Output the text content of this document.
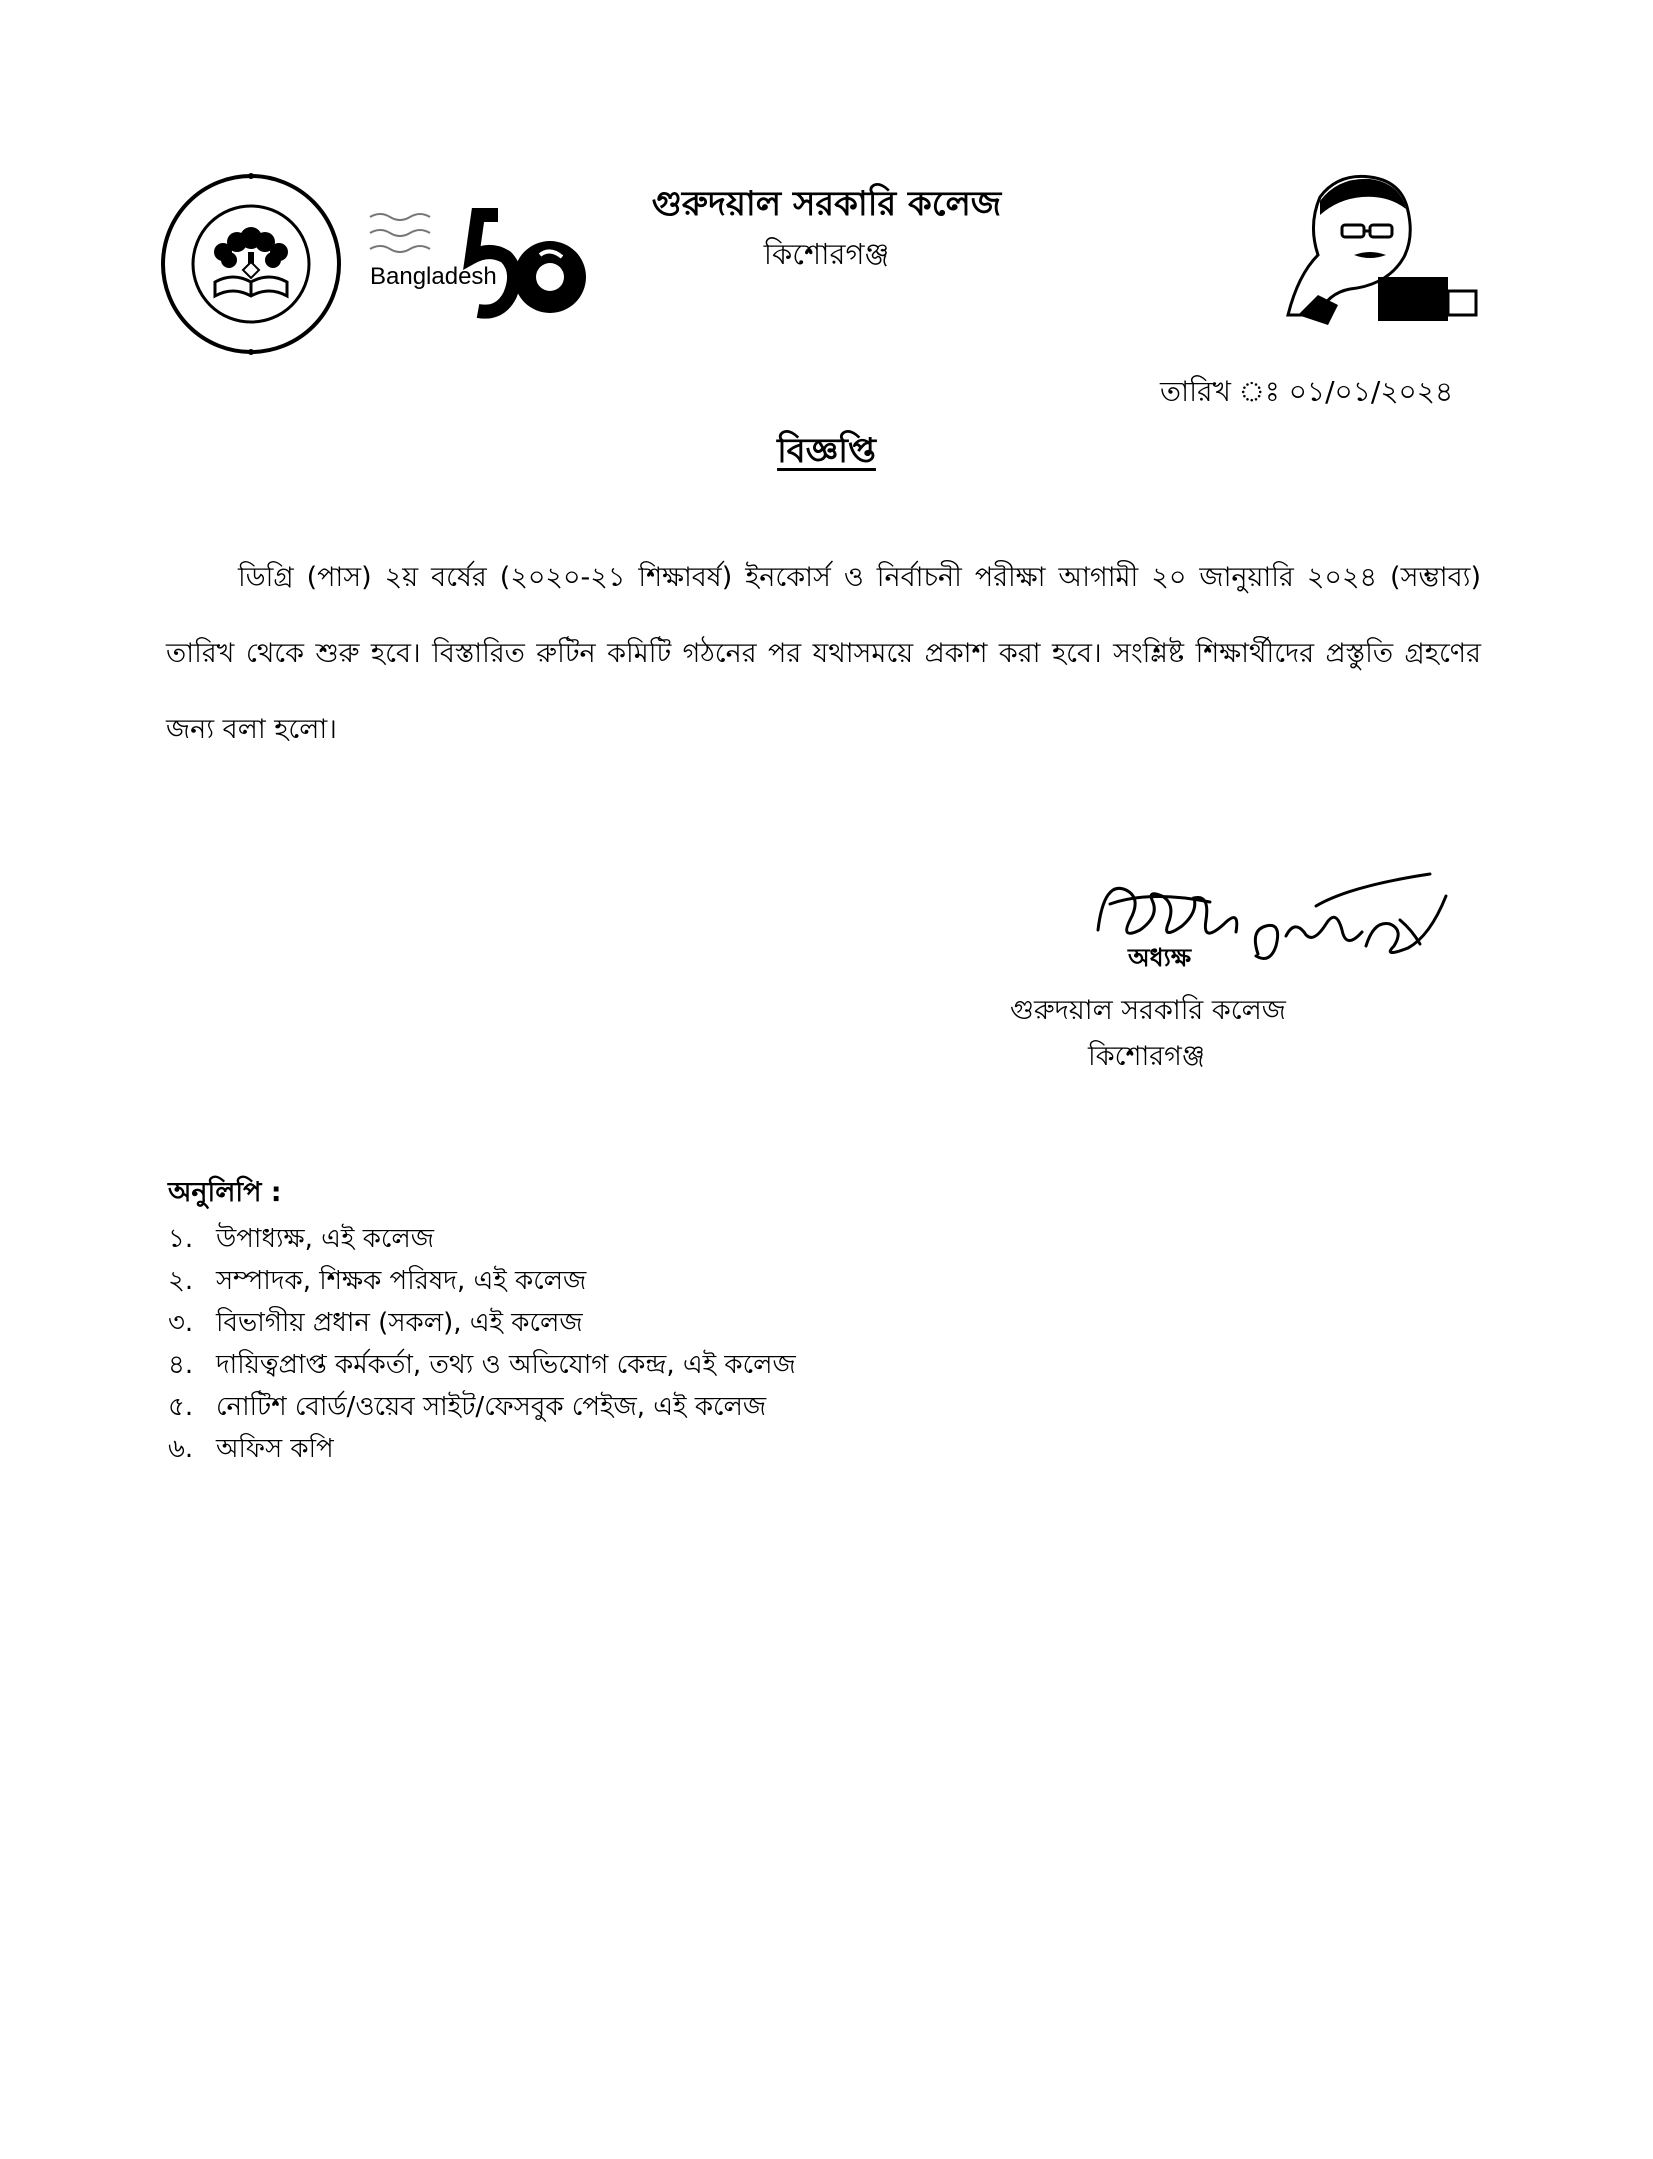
Bangladesh
গুরুদয়াল সরকারি কলেজ
কিশোরগঞ্জ
তারিখ ঃ ০১/০১/২০২৪
বিজ্ঞপ্তি
ডিগ্রি (পাস) ২য় বর্ষের (২০২০-২১ শিক্ষাবর্ষ) ইনকোর্স ও নির্বাচনী পরীক্ষা আগামী ২০ জানুয়ারি ২০২৪ (সম্ভাব্য) তারিখ থেকে শুরু হবে। বিস্তারিত রুটিন কমিটি গঠনের পর যথাসময়ে প্রকাশ করা হবে। সংশ্লিষ্ট শিক্ষার্থীদের প্রস্তুতি গ্রহণের জন্য বলা হলো।
অধ্যক্ষ
গুরুদয়াল সরকারি কলেজ
কিশোরগঞ্জ
অনুলিপি :
১. উপাধ্যক্ষ, এই কলেজ
২. সম্পাদক, শিক্ষক পরিষদ, এই কলেজ
৩. বিভাগীয় প্রধান (সকল), এই কলেজ
৪. দায়িত্বপ্রাপ্ত কর্মকর্তা, তথ্য ও অভিযোগ কেন্দ্র, এই কলেজ
৫. নোটিশ বোর্ড/ওয়েব সাইট/ফেসবুক পেইজ, এই কলেজ
৬. অফিস কপি
